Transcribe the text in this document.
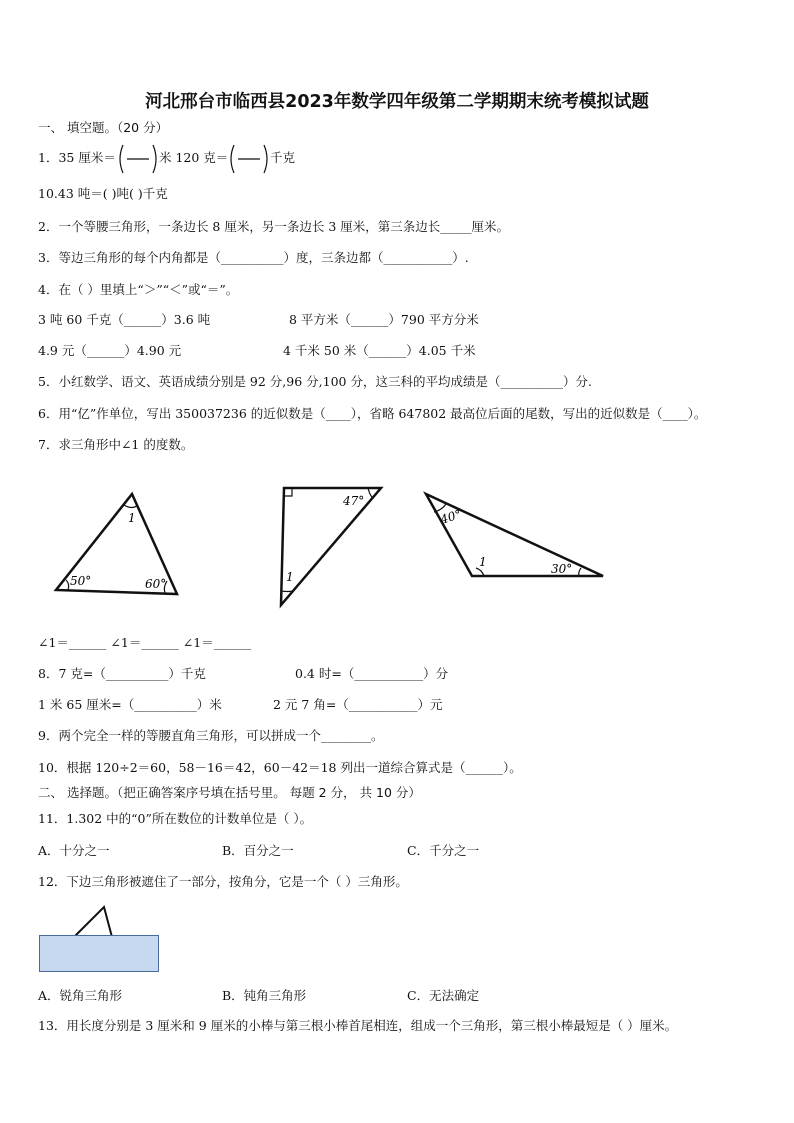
河北邢台市临西县2023年数学四年级第二学期期末统考模拟试题
一、 填空题。（20 分）
1．35 厘米＝	米 120 克＝	千克
10.43 吨＝( )吨( )千克
2．一个等腰三角形，一条边长 8 厘米，另一条边长 3 厘米，第三条边长_____厘米。
3．等边三角形的每个内角都是（__________）度，三条边都（___________）.
4．在（ ）里填上“＞”“＜”或“＝”。
3 吨 60 千克（______）3.6 吨	8 平方米（______）790 平方分米
4.9 元（______）4.90 元	4 千米 50 米（______）4.05 千米
5．小红数学、语文、英语成绩分别是 92 分,96 分,100 分，这三科的平均成绩是（__________）分.
6．用“亿”作单位，写出 350037236 的近似数是（____），省略 647802 最高位后面的尾数，写出的近似数是（____）。
7．求三角形中∠1 的度数。
1
50°	60°
47°
1
40°
1	30°
∠1＝______ ∠1＝______ ∠1＝______
8．7 克=（__________）千克	0.4 时=（___________）分
1 米 65 厘米=（__________）米	2 元 7 角=（___________）元
9．两个完全一样的等腰直角三角形，可以拼成一个________。
10．根据 120÷2＝60，58－16＝42，60－42＝18 列出一道综合算式是（______）。
二、 选择题。（把正确答案序号填在括号里。 每题 2 分， 共 10 分）
11．1.302 中的“0”所在数位的计数单位是（ ）。
A．十分之一	B．百分之一	C．千分之一
12．下边三角形被遮住了一部分，按角分，它是一个（ ）三角形。
A．锐角三角形	B．钝角三角形	C．无法确定
13．用长度分别是 3 厘米和 9 厘米的小棒与第三根小棒首尾相连，组成一个三角形，第三根小棒最短是（ ）厘米。
